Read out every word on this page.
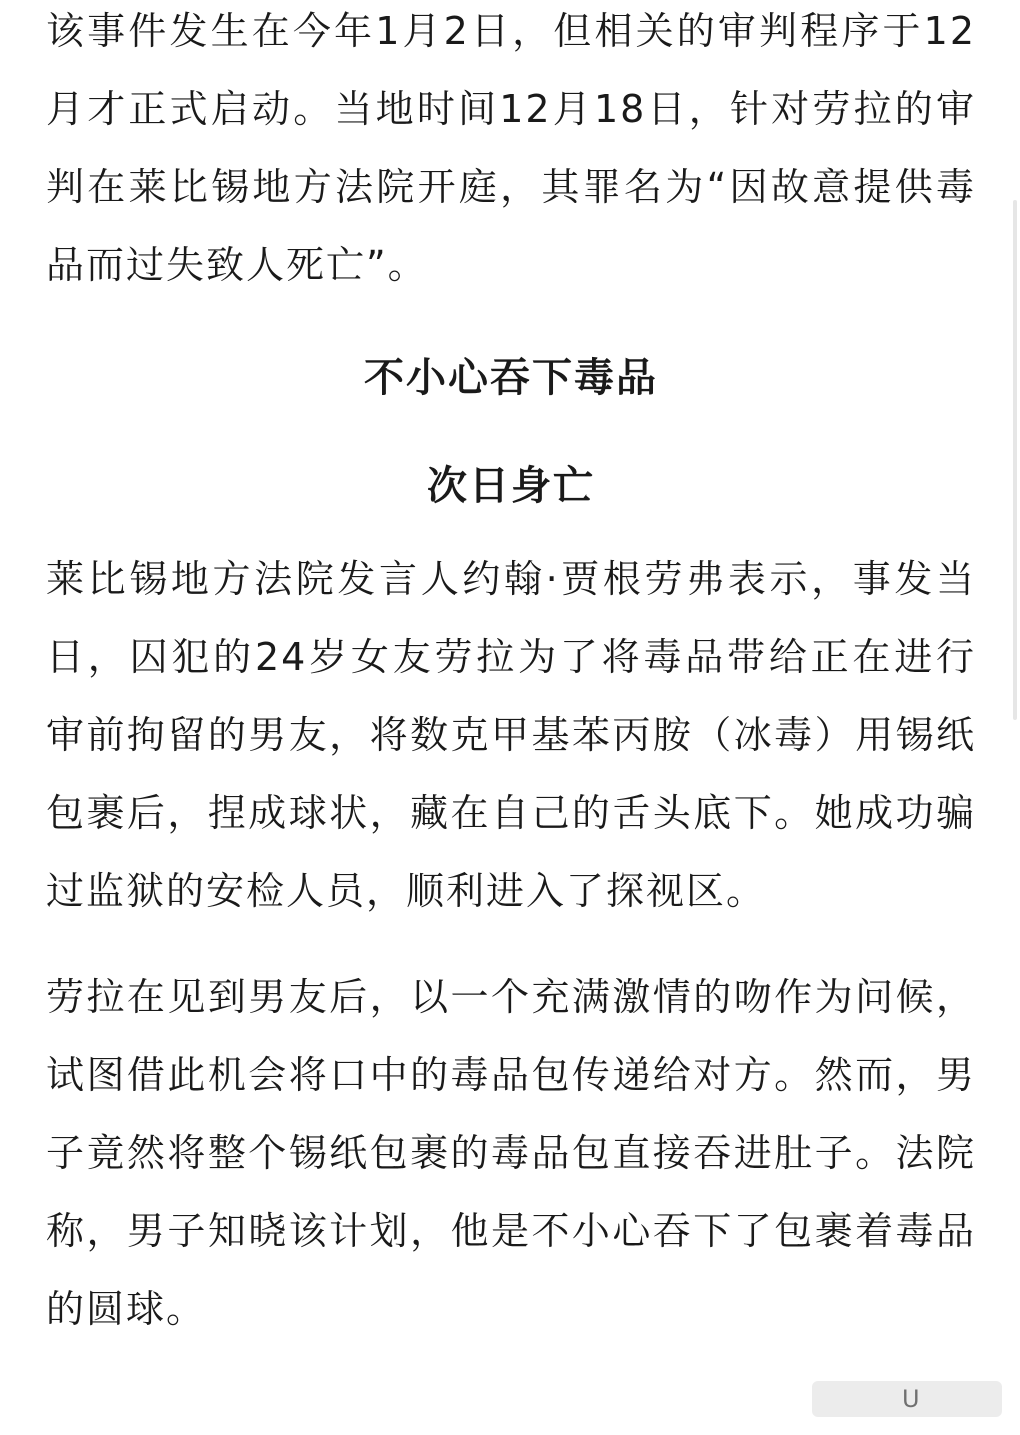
该事件发生在今年1月2日，但相关的审判程序于12月才正式启动。当地时间12月18日，针对劳拉的审判在莱比锡地方法院开庭，其罪名为“因故意提供毒品而过失致人死亡”。

不小心吞下毒品
次日身亡

莱比锡地方法院发言人约翰·贾根劳弗表示，事发当日，囚犯的24岁女友劳拉为了将毒品带给正在进行审前拘留的男友，将数克甲基苯丙胺（冰毒）用锡纸包裹后，捏成球状，藏在自己的舌头底下。她成功骗过监狱的安检人员，顺利进入了探视区。

劳拉在见到男友后，以一个充满激情的吻作为问候，试图借此机会将口中的毒品包传递给对方。然而，男子竟然将整个锡纸包裹的毒品包直接吞进肚子。法院称，男子知晓该计划，他是不小心吞下了包裹着毒品的圆球。

U
